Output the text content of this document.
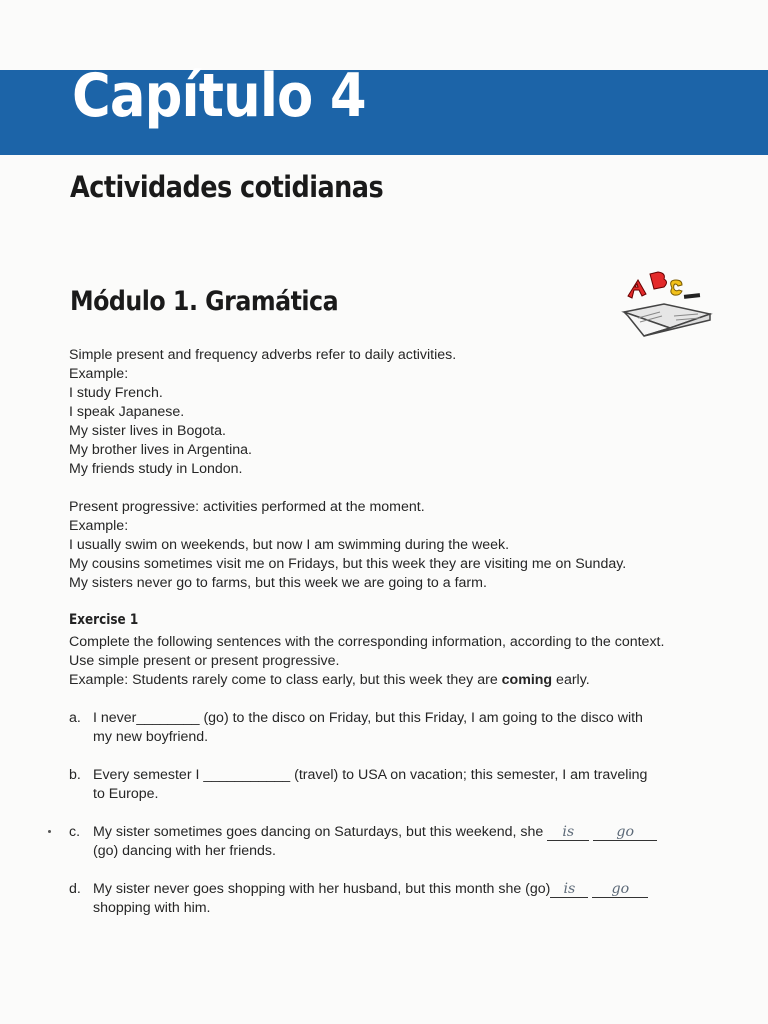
Capítulo 4
Actividades cotidianas
Módulo 1. Gramática
Simple present and frequency adverbs refer to daily activities.
Example:
I study French.
I speak Japanese.
My sister lives in Bogota.
My brother lives in Argentina.
My friends study in London.
Present progressive: activities performed at the moment.
Example:
I usually swim on weekends, but now I am swimming during the week.
My cousins sometimes visit me on Fridays, but this week they are visiting me on Sunday.
My sisters never go to farms, but this week we are going to a farm.
Exercise 1
Complete the following sentences with the corresponding information, according to the context.
Use simple present or present progressive.
Example: Students rarely come to class early, but this week they are coming early.
a. I never________ (go) to the disco on Friday, but this Friday, I am going to the disco with
my new boyfriend.
b. Every semester I ___________ (travel) to USA on vacation; this semester, I am traveling
to Europe.
c. My sister sometimes goes dancing on Saturdays, but this weekend, she is	go
(go) dancing with her friends.
d. My sister never goes shopping with her husband, but this month she (go) is	go
shopping with him.
